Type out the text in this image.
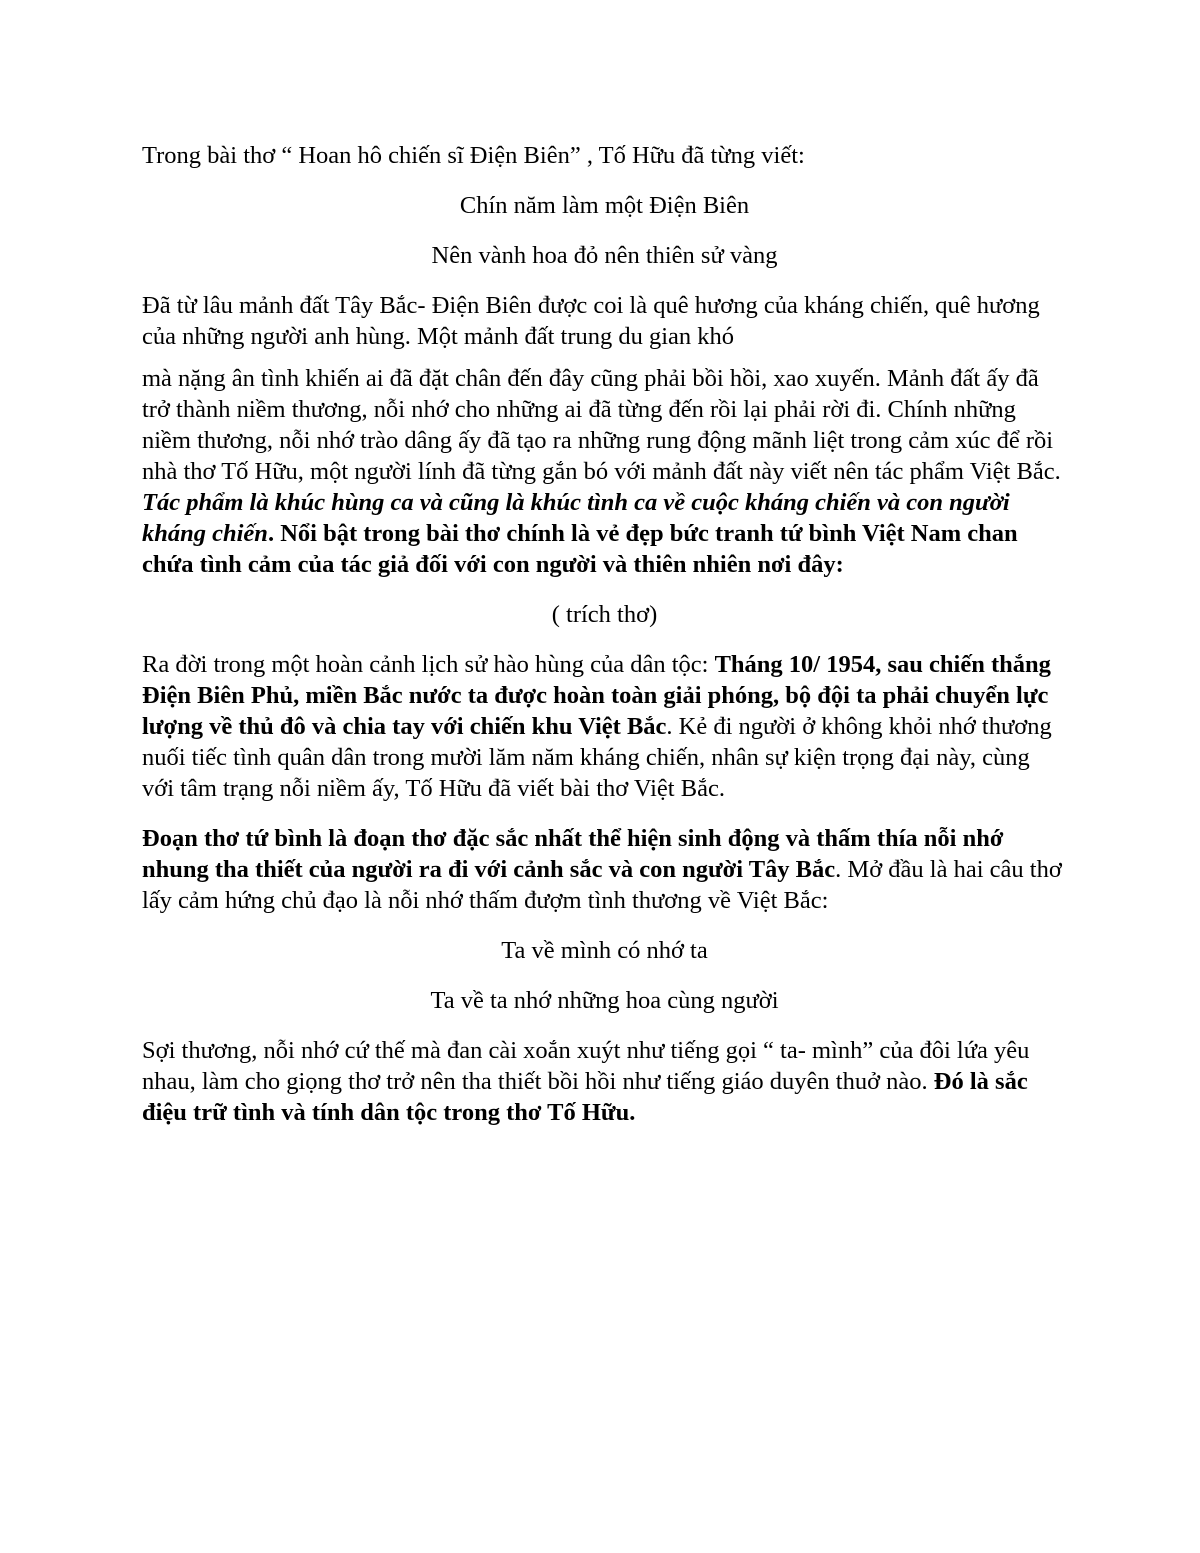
Trong bài thơ “ Hoan hô chiến sĩ Điện Biên” , Tố Hữu đã từng viết:

Chín năm làm một Điện Biên

Nên vành hoa đỏ nên thiên sử vàng

Đã từ lâu mảnh đất Tây Bắc- Điện Biên được coi là quê hương của kháng chiến, quê hương của những người anh hùng. Một mảnh đất trung du gian khó

mà nặng ân tình khiến ai đã đặt chân đến đây cũng phải bồi hồi, xao xuyến. Mảnh đất ấy đã trở thành niềm thương, nỗi nhớ cho những ai đã từng đến rồi lại phải rời đi. Chính những niềm thương, nỗi nhớ trào dâng ấy đã tạo ra những rung động mãnh liệt trong cảm xúc để rồi nhà thơ Tố Hữu, một người lính đã từng gắn bó với mảnh đất này viết nên tác phẩm Việt Bắc. Tác phẩm là khúc hùng ca và cũng là khúc tình ca về cuộc kháng chiến và con người kháng chiến. Nổi bật trong bài thơ chính là vẻ đẹp bức tranh tứ bình Việt Nam chan chứa tình cảm của tác giả đối với con người và thiên nhiên nơi đây:

( trích thơ)

Ra đời trong một hoàn cảnh lịch sử hào hùng của dân tộc: Tháng 10/ 1954, sau chiến thắng Điện Biên Phủ, miền Bắc nước ta được hoàn toàn giải phóng, bộ đội ta phải chuyển lực lượng về thủ đô và chia tay với chiến khu Việt Bắc. Kẻ đi người ở không khỏi nhớ thương nuối tiếc tình quân dân trong mười lăm năm kháng chiến, nhân sự kiện trọng đại này, cùng với tâm trạng nỗi niềm ấy, Tố Hữu đã viết bài thơ Việt Bắc.

Đoạn thơ tứ bình là đoạn thơ đặc sắc nhất thể hiện sinh động và thấm thía nỗi nhớ nhung tha thiết của người ra đi với cảnh sắc và con người Tây Bắc. Mở đầu là hai câu thơ lấy cảm hứng chủ đạo là nỗi nhớ thấm đượm tình thương về Việt Bắc:

Ta về mình có nhớ ta

Ta về ta nhớ những hoa cùng người

Sợi thương, nỗi nhớ cứ thế mà đan cài xoắn xuýt như tiếng gọi “ ta- mình” của đôi lứa yêu nhau, làm cho giọng thơ trở nên tha thiết bồi hồi như tiếng giáo duyên thuở nào. Đó là sắc điệu trữ tình và tính dân tộc trong thơ Tố Hữu.
